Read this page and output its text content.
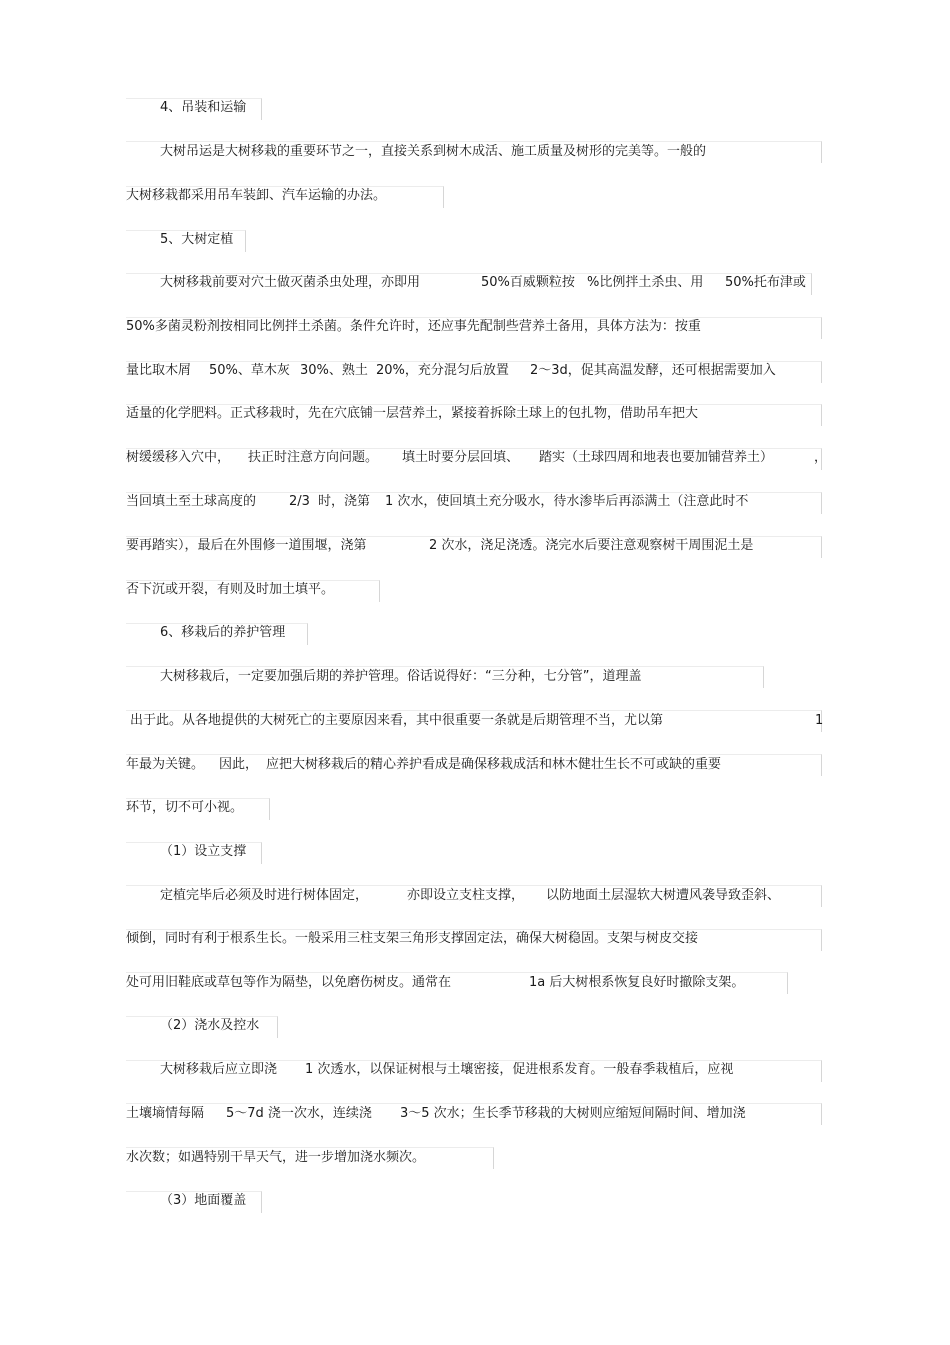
4、吊装和运输
大树吊运是大树移栽的重要环节之一，直接关系到树木成活、施工质量及树形的完美等。一般的
大树移栽都采用吊车装卸、汽车运输的办法。
5、大树定植
大树移栽前要对穴土做灭菌杀虫处理，亦即用	50%百威颗粒按 %比例拌土杀虫、用 50%托布津或
50%多菌灵粉剂按相同比例拌土杀菌。条件允许时，还应事先配制些营养土备用，具体方法为：按重
量比取木屑 50%、草木灰 30%、熟土 20%，充分混匀后放置 2～3d，促其高温发酵，还可根据需要加入
适量的化学肥料。正式移栽时，先在穴底铺一层营养土，紧接着拆除土球上的包扎物，借助吊车把大
树缓缓移入穴中， 扶正时注意方向问题。 填土时要分层回填、 踏实（土球四周和地表也要加铺营养土）	，
当回填土至土球高度的	2/3 时，浇第 1 次水，使回填土充分吸水，待水渗毕后再添满土（注意此时不
要再踏实），最后在外围修一道围堰，浇第	2 次水，浇足浇透。浇完水后要注意观察树干周围泥土是
否下沉或开裂，有则及时加土填平。
6、移栽后的养护管理
大树移栽后，一定要加强后期的养护管理。俗话说得好：“三分种，七分管”，道理盖
出于此。从各地提供的大树死亡的主要原因来看，其中很重要一条就是后期管理不当，尤以第	1
年最为关键。 因此， 应把大树移栽后的精心养护看成是确保移栽成活和林木健壮生长不可或缺的重要
环节，切不可小视。
（1）设立支撑
定植完毕后必须及时进行树体固定，	亦即设立支柱支撑， 以防地面土层湿软大树遭风袭导致歪斜、
倾倒，同时有利于根系生长。一般采用三柱支架三角形支撑固定法，确保大树稳固。支架与树皮交接
处可用旧鞋底或草包等作为隔垫，以免磨伤树皮。通常在	1a 后大树根系恢复良好时撤除支架。
（2）浇水及控水
大树移栽后应立即浇 1 次透水，以保证树根与土壤密接，促进根系发育。一般春季栽植后，应视
土壤墒情每隔 5～7d 浇一次水，连续浇 3～5 次水；生长季节移栽的大树则应缩短间隔时间、增加浇
水次数；如遇特别干旱天气，进一步增加浇水频次。
（3）地面覆盖
